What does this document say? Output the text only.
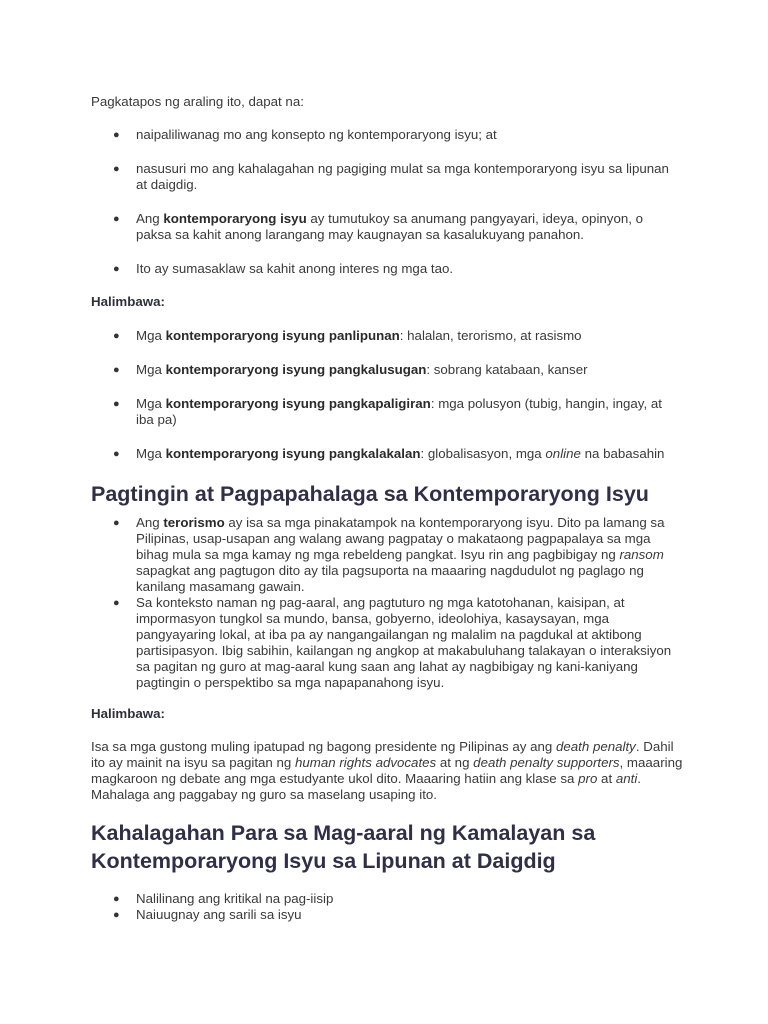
Pagkatapos ng araling ito, dapat na:

● naipaliliwanag mo ang konsepto ng kontemporaryong isyu; at
● nasusuri mo ang kahalagahan ng pagiging mulat sa mga kontemporaryong isyu sa lipunan at daigdig.
● Ang kontemporaryong isyu ay tumutukoy sa anumang pangyayari, ideya, opinyon, o paksa sa kahit anong larangang may kaugnayan sa kasalukuyang panahon.
● Ito ay sumasaklaw sa kahit anong interes ng mga tao.

Halimbawa:

● Mga kontemporaryong isyung panlipunan: halalan, terorismo, at rasismo
● Mga kontemporaryong isyung pangkalusugan: sobrang katabaan, kanser
● Mga kontemporaryong isyung pangkapaligiran: mga polusyon (tubig, hangin, ingay, at iba pa)
● Mga kontemporaryong isyung pangkalakalan: globalisasyon, mga online na babasahin
Pagtingin at Pagpapahalaga sa Kontemporaryong Isyu
● Ang terorismo ay isa sa mga pinakatampok na kontemporaryong isyu. Dito pa lamang sa Pilipinas, usap-usapan ang walang awang pagpatay o makataong pagpapalaya sa mga bihag mula sa mga kamay ng mga rebeldeng pangkat. Isyu rin ang pagbibigay ng ransom sapagkat ang pagtugon dito ay tila pagsuporta na maaaring nagdudulot ng paglago ng kanilang masamang gawain.
● Sa konteksto naman ng pag-aaral, ang pagtuturo ng mga katotohanan, kaisipan, at impormasyon tungkol sa mundo, bansa, gobyerno, ideolohiya, kasaysayan, mga pangyayaring lokal, at iba pa ay nangangailangan ng malalim na pagdukal at aktibong partisipasyon. Ibig sabihin, kailangan ng angkop at makabuluhang talakayan o interaksiyon sa pagitan ng guro at mag-aaral kung saan ang lahat ay nagbibigay ng kani-kaniyang pagtingin o perspektibo sa mga napapanahong isyu.

Halimbawa:

Isa sa mga gustong muling ipatupad ng bagong presidente ng Pilipinas ay ang death penalty. Dahil ito ay mainit na isyu sa pagitan ng human rights advocates at ng death penalty supporters, maaaring magkaroon ng debate ang mga estudyante ukol dito. Maaaring hatiin ang klase sa pro at anti. Mahalaga ang paggabay ng guro sa maselang usaping ito.

Kahalagahan Para sa Mag-aaral ng Kamalayan sa
Kontemporaryong Isyu sa Lipunan at Daigdig
● Nalilinang ang kritikal na pag-iisip
● Naiuugnay ang sarili sa isyu
